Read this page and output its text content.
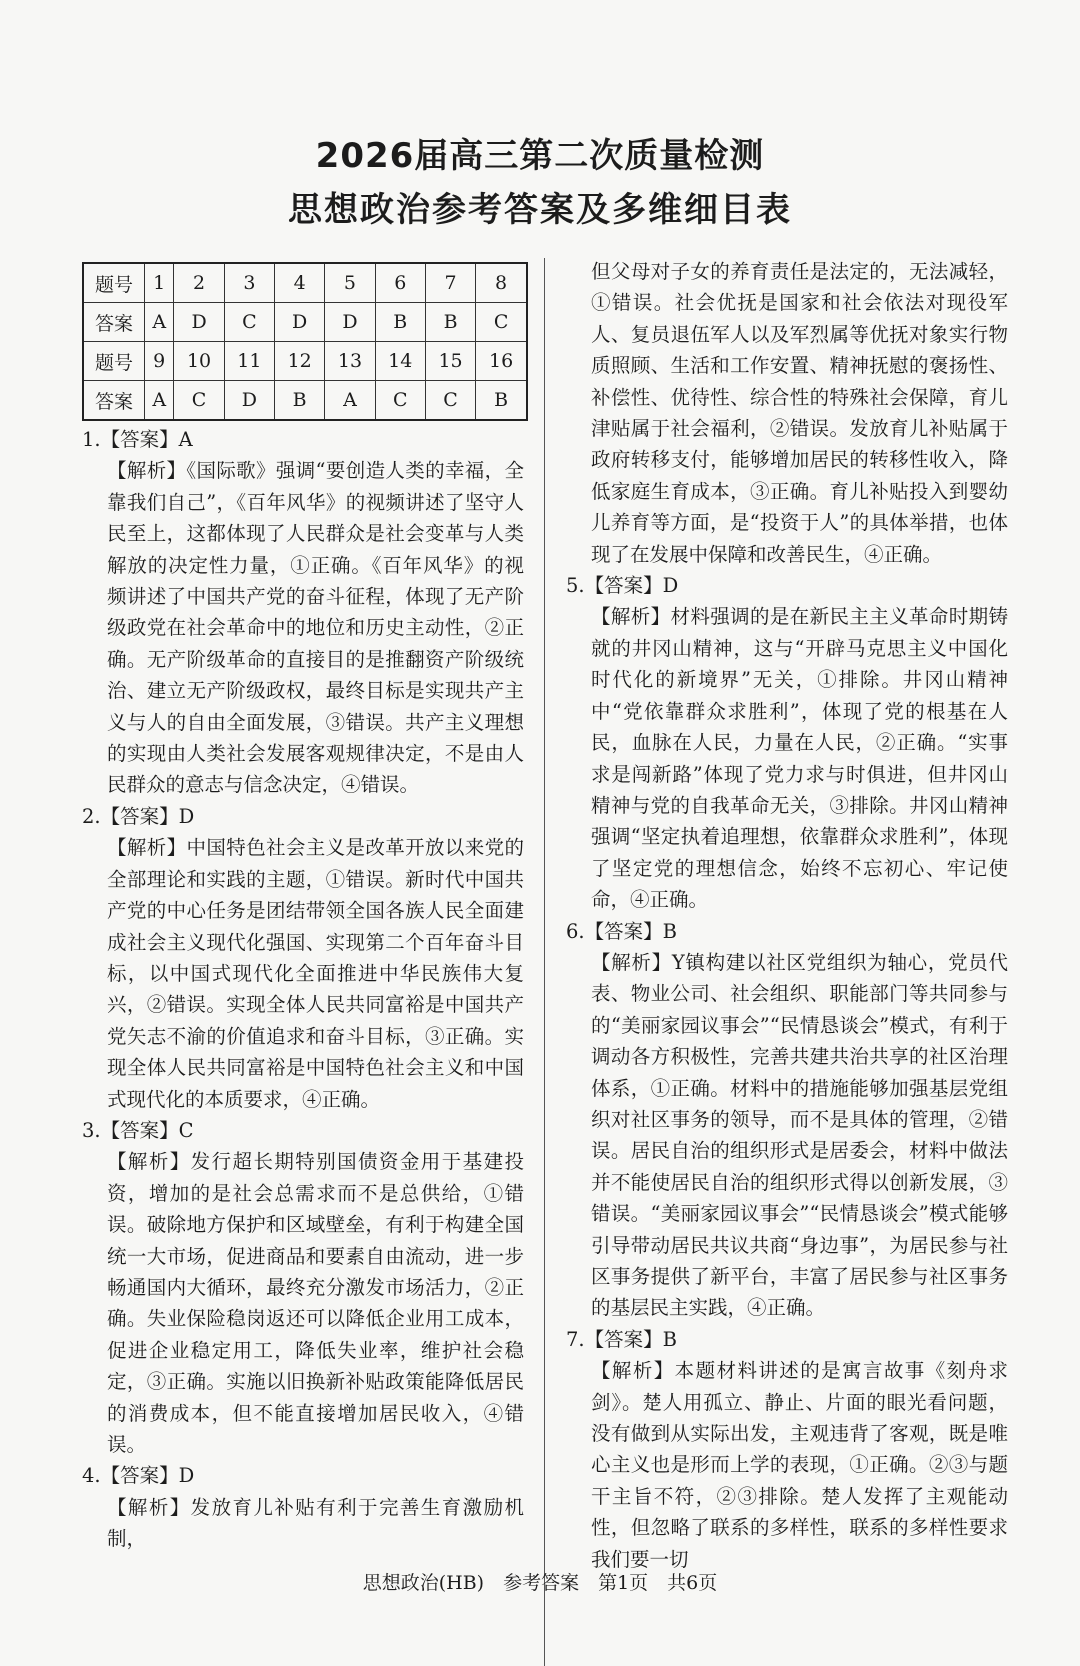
2026届高三第二次质量检测
思想政治参考答案及多维细目表
题号	1	2	3	4	5	6	7	8
答案	A	D	C	D	D	B	B	C
题号	9	10	11	12	13	14	15	16
答案	A	C	D	B	A	C	C	B
1.【答案】A
【解析】《国际歌》强调“要创造人类的幸福，全靠我们自己”，《百年风华》的视频讲述了坚守人民至上，这都体现了人民群众是社会变革与人类解放的决定性力量，①正确。《百年风华》的视频讲述了中国共产党的奋斗征程，体现了无产阶级政党在社会革命中的地位和历史主动性，②正确。无产阶级革命的直接目的是推翻资产阶级统治、建立无产阶级政权，最终目标是实现共产主义与人的自由全面发展，③错误。共产主义理想的实现由人类社会发展客观规律决定，不是由人民群众的意志与信念决定，④错误。
2.【答案】D
【解析】中国特色社会主义是改革开放以来党的全部理论和实践的主题，①错误。新时代中国共产党的中心任务是团结带领全国各族人民全面建成社会主义现代化强国、实现第二个百年奋斗目标，以中国式现代化全面推进中华民族伟大复兴，②错误。实现全体人民共同富裕是中国共产党矢志不渝的价值追求和奋斗目标，③正确。实现全体人民共同富裕是中国特色社会主义和中国式现代化的本质要求，④正确。
3.【答案】C
【解析】发行超长期特别国债资金用于基建投资，增加的是社会总需求而不是总供给，①错误。破除地方保护和区域壁垒，有利于构建全国统一大市场，促进商品和要素自由流动，进一步畅通国内大循环，最终充分激发市场活力，②正确。失业保险稳岗返还可以降低企业用工成本，促进企业稳定用工，降低失业率，维护社会稳定，③正确。实施以旧换新补贴政策能降低居民的消费成本，但不能直接增加居民收入，④错误。
4.【答案】D
【解析】发放育儿补贴有利于完善生育激励机制，
但父母对子女的养育责任是法定的，无法减轻，①错误。社会优抚是国家和社会依法对现役军人、复员退伍军人以及军烈属等优抚对象实行物质照顾、生活和工作安置、精神抚慰的褒扬性、补偿性、优待性、综合性的特殊社会保障，育儿津贴属于社会福利，②错误。发放育儿补贴属于政府转移支付，能够增加居民的转移性收入，降低家庭生育成本，③正确。育儿补贴投入到婴幼儿养育等方面，是“投资于人”的具体举措，也体现了在发展中保障和改善民生，④正确。
5.【答案】D
【解析】材料强调的是在新民主主义革命时期铸就的井冈山精神，这与“开辟马克思主义中国化时代化的新境界”无关，①排除。井冈山精神中“党依靠群众求胜利”，体现了党的根基在人民，血脉在人民，力量在人民，②正确。“实事求是闯新路”体现了党力求与时俱进，但井冈山精神与党的自我革命无关，③排除。井冈山精神强调“坚定执着追理想，依靠群众求胜利”，体现了坚定党的理想信念，始终不忘初心、牢记使命，④正确。
6.【答案】B
【解析】Y镇构建以社区党组织为轴心，党员代表、物业公司、社会组织、职能部门等共同参与的“美丽家园议事会”“民情恳谈会”模式，有利于调动各方积极性，完善共建共治共享的社区治理体系，①正确。材料中的措施能够加强基层党组织对社区事务的领导，而不是具体的管理，②错误。居民自治的组织形式是居委会，材料中做法并不能使居民自治的组织形式得以创新发展，③错误。“美丽家园议事会”“民情恳谈会”模式能够引导带动居民共议共商“身边事”，为居民参与社区事务提供了新平台，丰富了居民参与社区事务的基层民主实践，④正确。
7.【答案】B
【解析】本题材料讲述的是寓言故事《刻舟求剑》。楚人用孤立、静止、片面的眼光看问题，没有做到从实际出发，主观违背了客观，既是唯心主义也是形而上学的表现，①正确。②③与题干主旨不符，②③排除。楚人发挥了主观能动性，但忽略了联系的多样性，联系的多样性要求我们要一切
思想政治(HB)　参考答案　第1页　共6页
